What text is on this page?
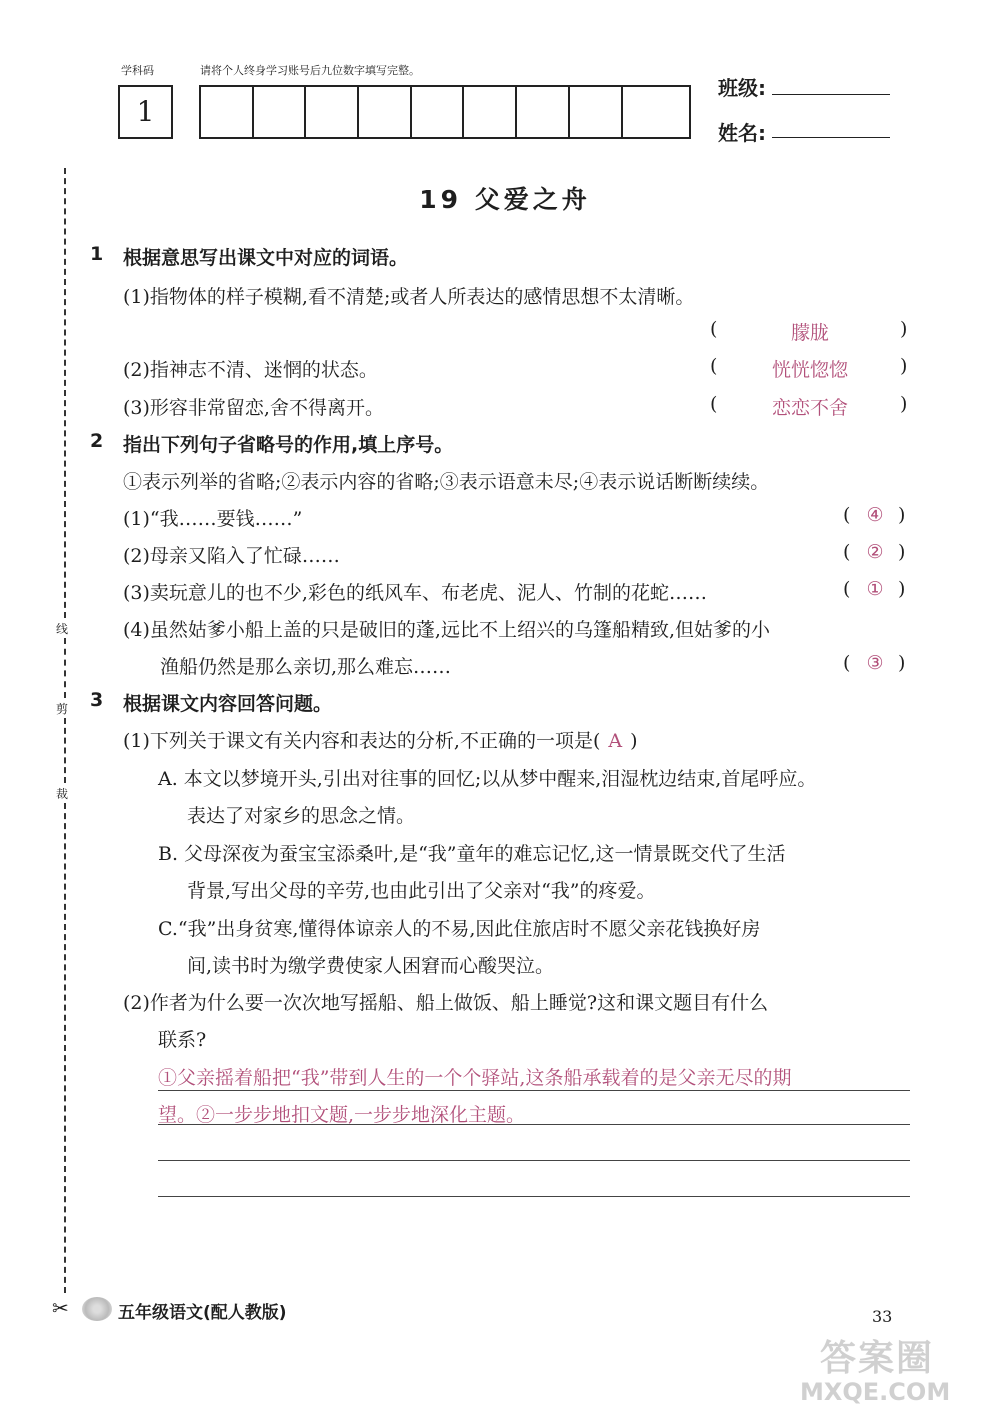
学科码	请将个人终身学习账号后九位数字填写完整。
1
班级:
姓名:
19 父爱之舟
线
剪
裁
✂
1 根据意思写出课文中对应的词语。
(1)指物体的样子模糊,看不清楚;或者人所表达的感情思想不太清晰。
(	朦胧	)
(2)指神志不清、迷惘的状态。	(	恍恍惚惚	)
(3)形容非常留恋,舍不得离开。	(	恋恋不舍	)
2 指出下列句子省略号的作用,填上序号。
①表示列举的省略;②表示内容的省略;③表示语意未尽;④表示说话断断续续。
(1)“我……要钱……”	( ④ )
(2)母亲又陷入了忙碌……	( ② )
(3)卖玩意儿的也不少,彩色的纸风车、布老虎、泥人、竹制的花蛇……	( ① )
(4)虽然姑爹小船上盖的只是破旧的蓬,远比不上绍兴的乌篷船精致,但姑爹的小
渔船仍然是那么亲切,那么难忘……	( ③ )
3 根据课文内容回答问题。
(1)下列关于课文有关内容和表达的分析,不正确的一项是( A )
A. 本文以梦境开头,引出对往事的回忆;以从梦中醒来,泪湿枕边结束,首尾呼应。
表达了对家乡的思念之情。
B. 父母深夜为蚕宝宝添桑叶,是“我”童年的难忘记忆,这一情景既交代了生活
背景,写出父母的辛劳,也由此引出了父亲对“我”的疼爱。
C.“我”出身贫寒,懂得体谅亲人的不易,因此住旅店时不愿父亲花钱换好房
间,读书时为缴学费使家人困窘而心酸哭泣。
(2)作者为什么要一次次地写摇船、船上做饭、船上睡觉?这和课文题目有什么
联系?
①父亲摇着船把“我”带到人生的一个个驿站,这条船承载着的是父亲无尽的期
望。②一步步地扣文题,一步步地深化主题。
五年级语文(配人教版)	33
答案圈
MXQE.COM
